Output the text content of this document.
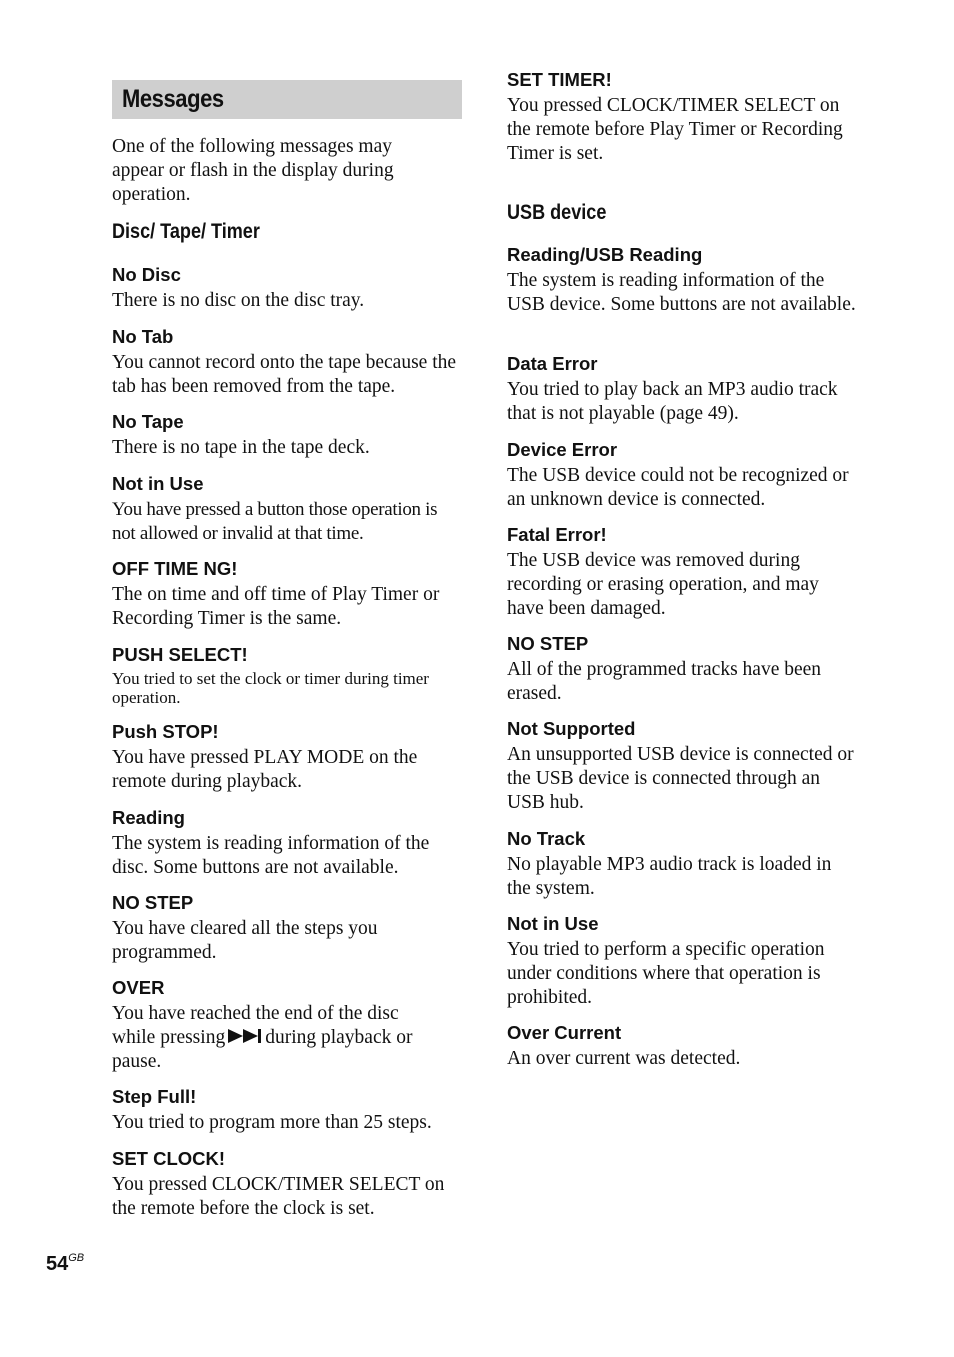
Messages
One of the following messages may appear or flash in the display during operation.
Disc/ Tape/ Timer
No Disc
There is no disc on the disc tray.
No Tab
You cannot record onto the tape because the tab has been removed from the tape.
No Tape
There is no tape in the tape deck.
Not in Use
You have pressed a button those operation is not allowed or invalid at that time.
OFF TIME NG!
The on time and off time of Play Timer or Recording Timer is the same.
PUSH SELECT!
You tried to set the clock or timer during timer operation.
Push STOP!
You have pressed PLAY MODE on the remote during playback.
Reading
The system is reading information of the disc. Some buttons are not available.
NO STEP
You have cleared all the steps you programmed.
OVER
You have reached the end of the disc while pressing during playback or pause.
Step Full!
You tried to program more than 25 steps.
SET CLOCK!
You pressed CLOCK/TIMER SELECT on the remote before the clock is set.
SET TIMER!
You pressed CLOCK/TIMER SELECT on the remote before Play Timer or Recording Timer is set.
USB device
Reading/USB Reading
The system is reading information of the USB device. Some buttons are not available.
Data Error
You tried to play back an MP3 audio track that is not playable (page 49).
Device Error
The USB device could not be recognized or an unknown device is connected.
Fatal Error!
The USB device was removed during recording or erasing operation, and may have been damaged.
NO STEP
All of the programmed tracks have been erased.
Not Supported
An unsupported USB device is connected or the USB device is connected through an USB hub.
No Track
No playable MP3 audio track is loaded in the system.
Not in Use
You tried to perform a specific operation under conditions where that operation is prohibited.
Over Current
An over current was detected.
$54^{GB}$
